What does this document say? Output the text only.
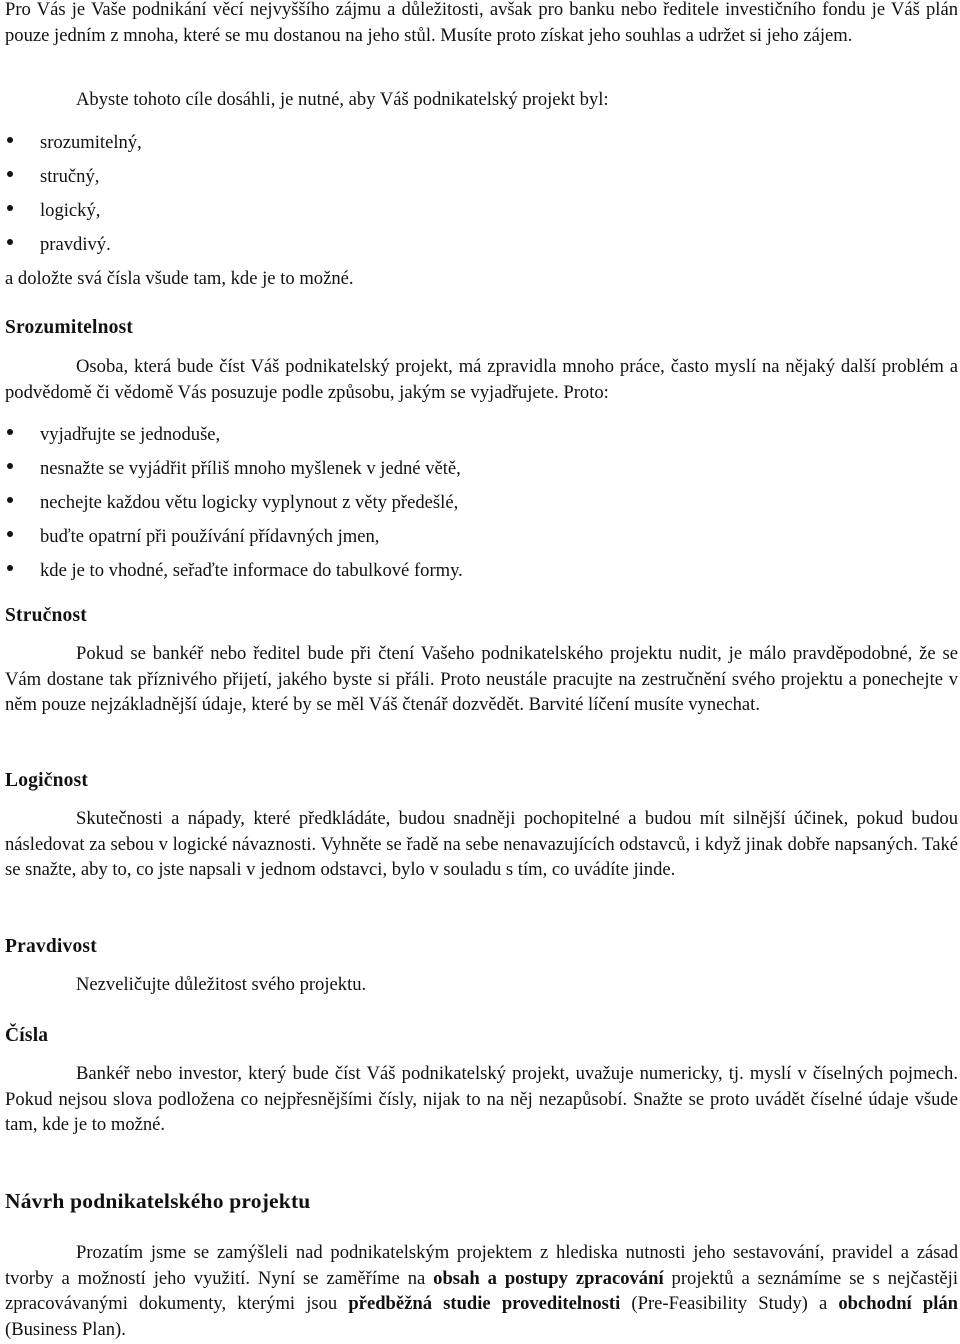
Pro Vás je Vaše podnikání věcí nejvyššího zájmu a důležitosti, avšak pro banku nebo ředitele investičního fondu je Váš plán pouze jedním z mnoha, které se mu dostanou na jeho stůl. Musíte proto získat jeho souhlas a udržet si jeho zájem.

Abyste tohoto cíle dosáhli, je nutné, aby Váš podnikatelský projekt byl:

srozumitelný,
stručný,
logický,
pravdivý.

a doložte svá čísla všude tam, kde je to možné.

Srozumitelnost

Osoba, která bude číst Váš podnikatelský projekt, má zpravidla mnoho práce, často myslí na nějaký další problém a podvědomě či vědomě Vás posuzuje podle způsobu, jakým se vyjadřujete. Proto:

vyjadřujte se jednoduše,
nesnažte se vyjádřit příliš mnoho myšlenek v jedné větě,
nechejte každou větu logicky vyplynout z věty předešlé,
buďte opatrní při používání přídavných jmen,
kde je to vhodné, seřaďte informace do tabulkové formy.
Stručnost

Pokud se bankéř nebo ředitel bude při čtení Vašeho podnikatelského projektu nudit, je málo pravděpodobné, že se Vám dostane tak příznivého přijetí, jakého byste si přáli. Proto neustále pracujte na zestručnění svého projektu a ponechejte v něm pouze nejzákladnější údaje, které by se měl Váš čtenář dozvědět. Barvité líčení musíte vynechat.

Logičnost

Skutečnosti a nápady, které předkládáte, budou snadněji pochopitelné a budou mít silnější účinek, pokud budou následovat za sebou v logické návaznosti. Vyhněte se řadě na sebe nenavazujících odstavců, i když jinak dobře napsaných. Také se snažte, aby to, co jste napsali v jednom odstavci, bylo v souladu s tím, co uvádíte jinde.

Pravdivost

Nezveličujte důležitost svého projektu.

Čísla

Bankéř nebo investor, který bude číst Váš podnikatelský projekt, uvažuje numericky, tj. myslí v číselných pojmech. Pokud nejsou slova podložena co nejpřesnějšími čísly, nijak to na něj nezapůsobí. Snažte se proto uvádět číselné údaje všude tam, kde je to možné.

Návrh podnikatelského projektu

Prozatím jsme se zamýšleli nad podnikatelským projektem z hlediska nutnosti jeho sestavování, pravidel a zásad tvorby a možností jeho využití. Nyní se zaměříme na obsah a postupy zpracování projektů a seznámíme se s nejčastěji zpracovávanými dokumenty, kterými jsou předběžná studie proveditelnosti (Pre-Feasibility Study) a obchodní plán (Business Plan).
